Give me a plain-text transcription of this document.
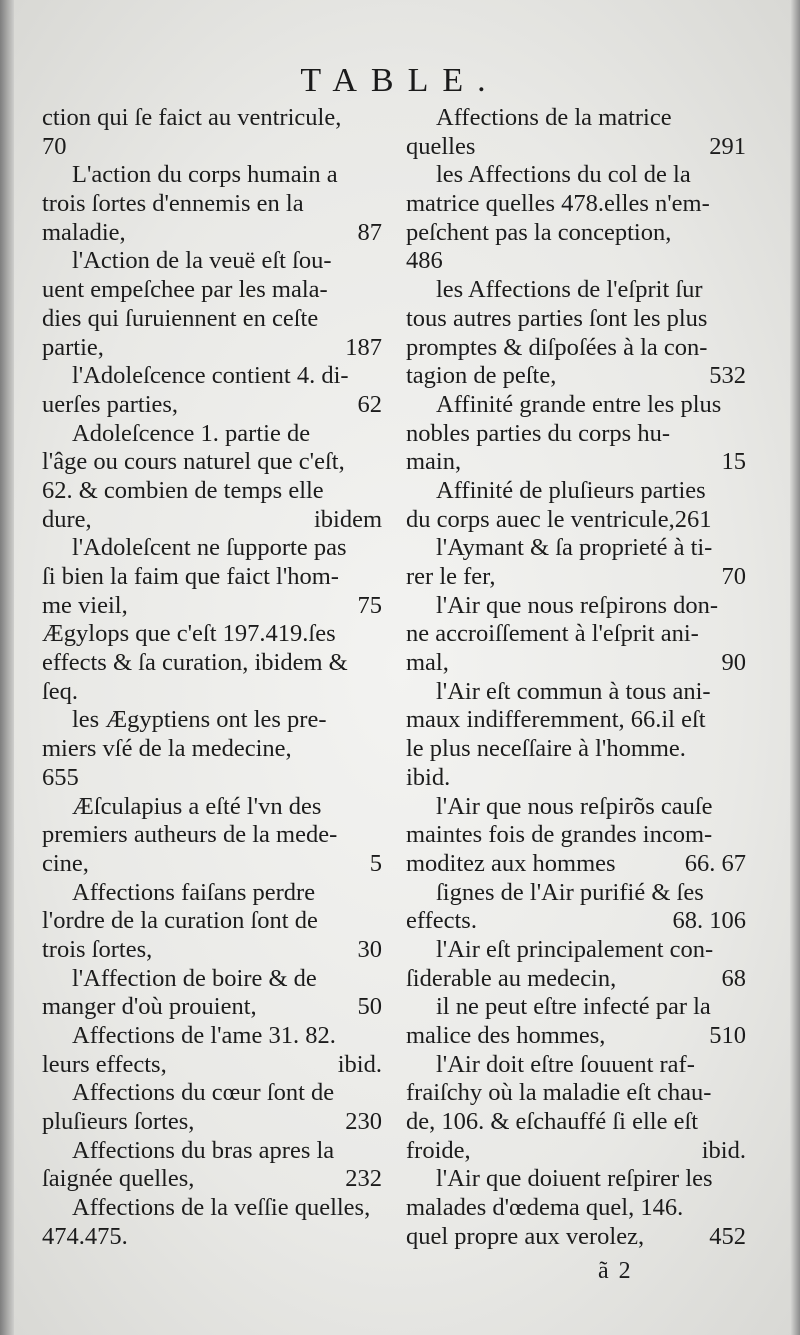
TABLE.
ction qui ſe faict au ventricule,
70
L'action du corps humain a
trois ſortes d'ennemis en la
maladie,	87
l'Action de la veuë eſt ſou-
uent empeſchee par les mala-
dies qui ſuruiennent en ceſte
partie,	187
l'Adoleſcence contient 4. di-
uerſes parties,	62
Adoleſcence 1. partie de
l'âge ou cours naturel que c'eſt,
62. & combien de temps elle
dure,	ibidem
l'Adoleſcent ne ſupporte pas
ſi bien la faim que faict l'hom-
me vieil,	75
Ægylops que c'eſt 197.419.ſes
effects & ſa curation, ibidem &
ſeq.
les Ægyptiens ont les pre-
miers vſé de la medecine,
655
Æſculapius a eſté l'vn des
premiers autheurs de la mede-
cine,	5
Affections faiſans perdre
l'ordre de la curation ſont de
trois ſortes,	30
l'Affection de boire & de
manger d'où prouient,	50
Affections de l'ame 31. 82.
leurs effects,	ibid.
Affections du cœur ſont de
pluſieurs ſortes,	230
Affections du bras apres la
ſaignée quelles,	232
Affections de la veſſie quelles,
474.475.
Affections de la matrice
quelles	291
les Affections du col de la
matrice quelles 478.elles n'em-
peſchent pas la conception,
486
les Affections de l'eſprit ſur
tous autres parties ſont les plus
promptes & diſpoſées à la con-
tagion de peſte,	532
Affinité grande entre les plus
nobles parties du corps hu-
main,	15
Affinité de pluſieurs parties
du corps auec le ventricule,261
l'Aymant & ſa proprieté à ti-
rer le fer,	70
l'Air que nous reſpirons don-
ne accroiſſement à l'eſprit ani-
mal,	90
l'Air eſt commun à tous ani-
maux indifferemment, 66.il eſt
le plus neceſſaire à l'homme.
ibid.
l'Air que nous reſpirõs cauſe
maintes fois de grandes incom-
moditez aux hommes	66. 67
ſignes de l'Air purifié & ſes
effects.	68. 106
l'Air eſt principalement con-
ſiderable au medecin,	68
il ne peut eſtre infecté par la
malice des hommes,	510
l'Air doit eſtre ſouuent raf-
fraiſchy où la maladie eſt chau-
de, 106. & eſchauffé ſi elle eſt
froide,	ibid.
l'Air que doiuent reſpirer les
malades d'œdema quel, 146.
quel propre aux verolez,	452
ã 2
